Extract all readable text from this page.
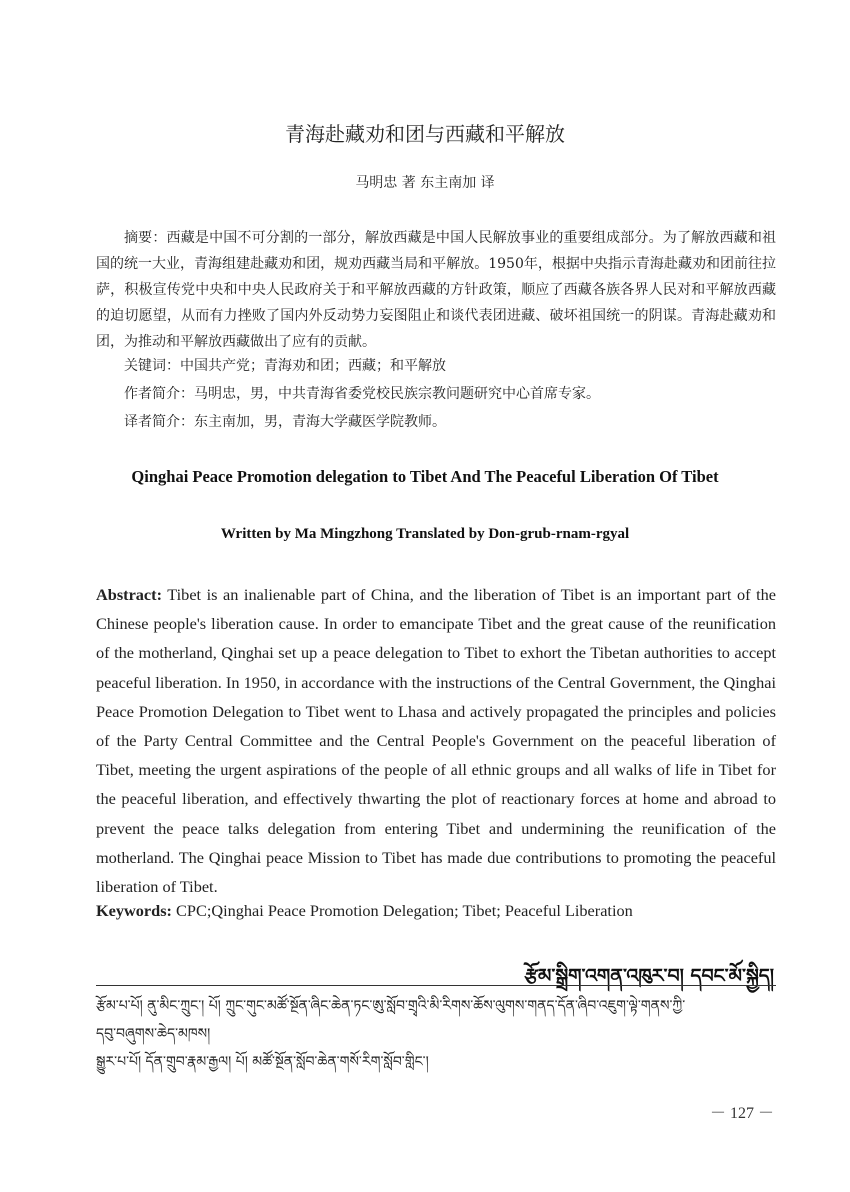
青海赴藏劝和团与西藏和平解放
马明忠 著 东主南加 译

摘要：西藏是中国不可分割的一部分，解放西藏是中国人民解放事业的重要组成部分。为了解放西藏和祖国的统一大业，青海组建赴藏劝和团，规劝西藏当局和平解放。1950年，根据中央指示青海赴藏劝和团前往拉萨，积极宣传党中央和中央人民政府关于和平解放西藏的方针政策，顺应了西藏各族各界人民对和平解放西藏的迫切愿望，从而有力挫败了国内外反动势力妄图阻止和谈代表团进藏、破坏祖国统一的阴谋。青海赴藏劝和团，为推动和平解放西藏做出了应有的贡献。

关键词：中国共产党；青海劝和团；西藏；和平解放

作者简介：马明忠，男，中共青海省委党校民族宗教问题研究中心首席专家。

译者简介：东主南加，男，青海大学藏医学院教师。

Qinghai Peace Promotion delegation to Tibet And The Peaceful Liberation Of Tibet
Written by Ma Mingzhong Translated by Don-grub-rnam-rgyal

Abstract: Tibet is an inalienable part of China, and the liberation of Tibet is an important part of the Chinese people's liberation cause. In order to emancipate Tibet and the great cause of the reunification of the motherland, Qinghai set up a peace delegation to Tibet to exhort the Tibetan authorities to accept peaceful liberation. In 1950, in accordance with the instructions of the Central Government, the Qinghai Peace Promotion Delegation to Tibet went to Lhasa and actively propagated the principles and policies of the Party Central Committee and the Central People's Government on the peaceful liberation of Tibet, meeting the urgent aspirations of the people of all ethnic groups and all walks of life in Tibet for the peaceful liberation, and effectively thwarting the plot of reactionary forces at home and abroad to prevent the peace talks delegation from entering Tibet and undermining the reunification of the motherland. The Qinghai peace Mission to Tibet has made due contributions to promoting the peaceful liberation of Tibet.

Keywords: CPC;Qinghai Peace Promotion Delegation; Tibet; Peaceful Liberation

རྩོམ་སྒྲིག་འགན་འཁུར་བ། དབང་མོ་སྐྱིད།

རྩོམ་པ་པོ། ནུ་མིང་ཀྲུང་། པོ། ཀྲུང་གུང་མཚོ་སྔོན་ཞིང་ཆེན་ཏང་ཨུ་སློབ་གྲྭའི་མི་རིགས་ཆོས་ལུགས་གནད་དོན་ཞིབ་འཇུག་ལྟེ་གནས་ཀྱི་

དབུ་བཞུགས་ཆེད་མཁས།

སྒྱུར་པ་པོ། དོན་གྲུབ་རྣམ་རྒྱལ། པོ། མཚོ་སྔོན་སློབ་ཆེན་གསོ་རིག་སློབ་གླིང་།

－ 127 －
